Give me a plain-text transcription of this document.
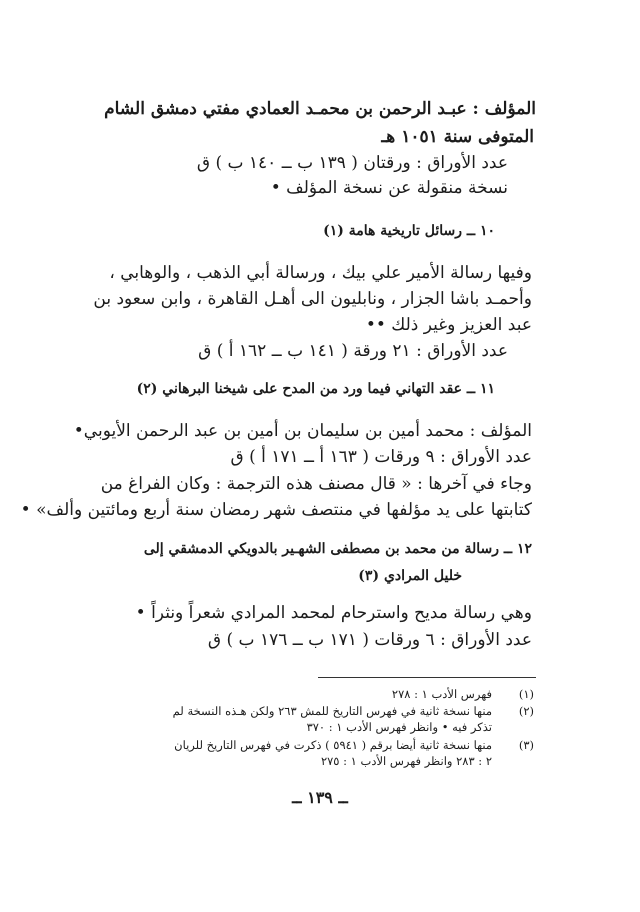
المؤلف : عبـد الرحمن بن محمـد العمادي مفتي دمشق الشام
المتوفى سنة ١٠٥١ هـ
عدد الأوراق : ورقتان ( ١٣٩ ب ــ ١٤٠ ب ) ق
نسخة منقولة عن نسخة المؤلف •
١٠ ــ رسائل تاريخية هامة (١)
وفيها رسالة الأمير علي بيك ، ورسالة أبي الذهب ، والوهابي ،
وأحمـد باشا الجزار ، ونابليون الى أهـل القاهرة ، وابن سعود بن
عبد العزيز وغير ذلك ••
عدد الأوراق : ٢١ ورقة ( ١٤١ ب ــ ١٦٢ أ ) ق
١١ ــ عقد التهاني فيما ورد من المدح على شيخنا البرهاني (٢)
المؤلف : محمد أمين بن سليمان بن أمين بن عبد الرحمن الأيوبي•
عدد الأوراق : ٩ ورقات ( ١٦٣ أ ــ ١٧١ أ ) ق
وجاء في آخرها : « قال مصنف هذه الترجمة : وكان الفراغ من
كتابتها على يد مؤلفها في منتصف شهر رمضان سنة أربع ومائتين وألف» •
١٢ ــ رسالة من محمد بن مصطفى الشهـير بالدويكي الدمشقي إلى
خليل المرادي (٣)
وهي رسالة مديح واسترحام لمحمد المرادي شعراً ونثراً •
عدد الأوراق : ٦ ورقات ( ١٧١ ب ــ ١٧٦ ب ) ق
(١)
فهرس الأدب ١ : ٢٧٨
(٢)
منها نسخة ثانية في فهرس التاريخ للمش ٢٦٣ ولكن هـذه النسخة لم
تذكر فيه • وانظر فهرس الأدب ١ : ٣٧٠
(٣)
منها نسخة ثانية أيضا برقم ( ٥٩٤١ ) ذكرت في فهرس التاريخ للريان
٢ : ٢٨٣ وانظر فهرس الأدب ١ : ٢٧٥
ــ ١٣٩ ــ
